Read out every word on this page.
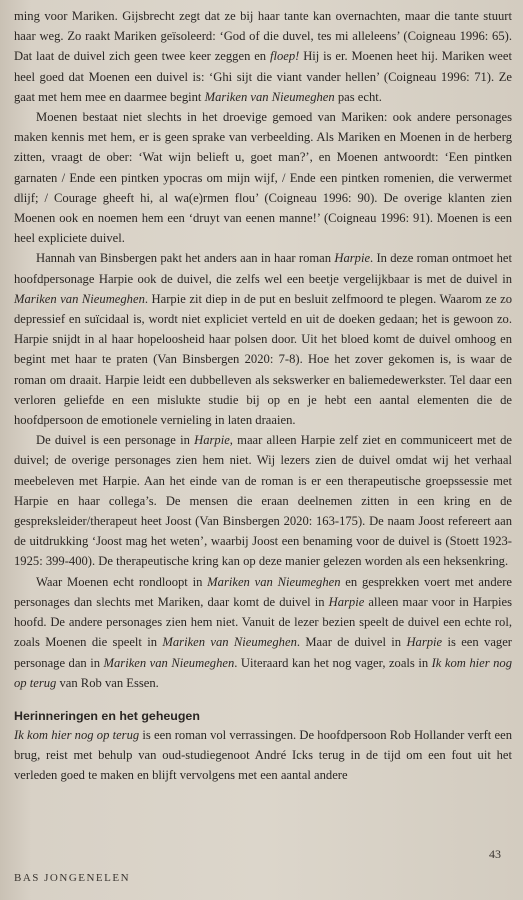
ming voor Mariken. Gijsbrecht zegt dat ze bij haar tante kan overnachten, maar die tante stuurt haar weg. Zo raakt Mariken geïsoleerd: ‘God of die duvel, tes mi alleleens’ (Coigneau 1996: 65). Dat laat de duivel zich geen twee keer zeggen en floep! Hij is er. Moenen heet hij. Mariken weet heel goed dat Moenen een duivel is: ‘Ghi sijt die viant vander hellen’ (Coigneau 1996: 71). Ze gaat met hem mee en daarmee begint Mariken van Nieumeghen pas echt.

Moenen bestaat niet slechts in het droevige gemoed van Mariken: ook andere personages maken kennis met hem, er is geen sprake van verbeelding. Als Mariken en Moenen in de herberg zitten, vraagt de ober: ‘Wat wijn belieft u, goet man?’, en Moenen antwoordt: ‘Een pintken garnaten / Ende een pintken ypocras om mijn wijf, / Ende een pintken romenien, die verwermet dlijf; / Courage gheeft hi, al wa(e)rmen flou’ (Coigneau 1996: 90). De overige klanten zien Moenen ook en noemen hem een ‘druyt van eenen manne!’ (Coigneau 1996: 91). Moenen is een heel expliciete duivel.

Hannah van Binsbergen pakt het anders aan in haar roman Harpie. In deze roman ontmoet het hoofdpersonage Harpie ook de duivel, die zelfs wel een beetje vergelijkbaar is met de duivel in Mariken van Nieumeghen. Harpie zit diep in de put en besluit zelfmoord te plegen. Waarom ze zo depressief en suïcidaal is, wordt niet expliciet verteld en uit de doeken gedaan; het is gewoon zo. Harpie snijdt in al haar hopeloosheid haar polsen door. Uit het bloed komt de duivel omhoog en begint met haar te praten (Van Binsbergen 2020: 7-8). Hoe het zover gekomen is, is waar de roman om draait. Harpie leidt een dubbelleven als sekswerker en baliemedewerkster. Tel daar een verloren geliefde en een mislukte studie bij op en je hebt een aantal elementen die de hoofdpersoon de emotionele vernieling in laten draaien.

De duivel is een personage in Harpie, maar alleen Harpie zelf ziet en communiceert met de duivel; de overige personages zien hem niet. Wij lezers zien de duivel omdat wij het verhaal meebeleven met Harpie. Aan het einde van de roman is er een therapeutische groepssessie met Harpie en haar collega’s. De mensen die eraan deelnemen zitten in een kring en de gespreksleider/therapeut heet Joost (Van Binsbergen 2020: 163-175). De naam Joost refereert aan de uitdrukking ‘Joost mag het weten’, waarbij Joost een benaming voor de duivel is (Stoett 1923-1925: 399-400). De therapeutische kring kan op deze manier gelezen worden als een heksenkring.

Waar Moenen echt rondloopt in Mariken van Nieumeghen en gesprekken voert met andere personages dan slechts met Mariken, daar komt de duivel in Harpie alleen maar voor in Harpies hoofd. De andere personages zien hem niet. Vanuit de lezer bezien speelt de duivel een echte rol, zoals Moenen die speelt in Mariken van Nieumeghen. Maar de duivel in Harpie is een vager personage dan in Mariken van Nieumeghen. Uiteraard kan het nog vager, zoals in Ik kom hier nog op terug van Rob van Essen.

Herinneringen en het geheugen

Ik kom hier nog op terug is een roman vol verrassingen. De hoofdpersoon Rob Hollander verft een brug, reist met behulp van oud-studiegenoot André Icks terug in de tijd om een fout uit het verleden goed te maken en blijft vervolgens met een aantal andere

43
BAS JONGENELEN
